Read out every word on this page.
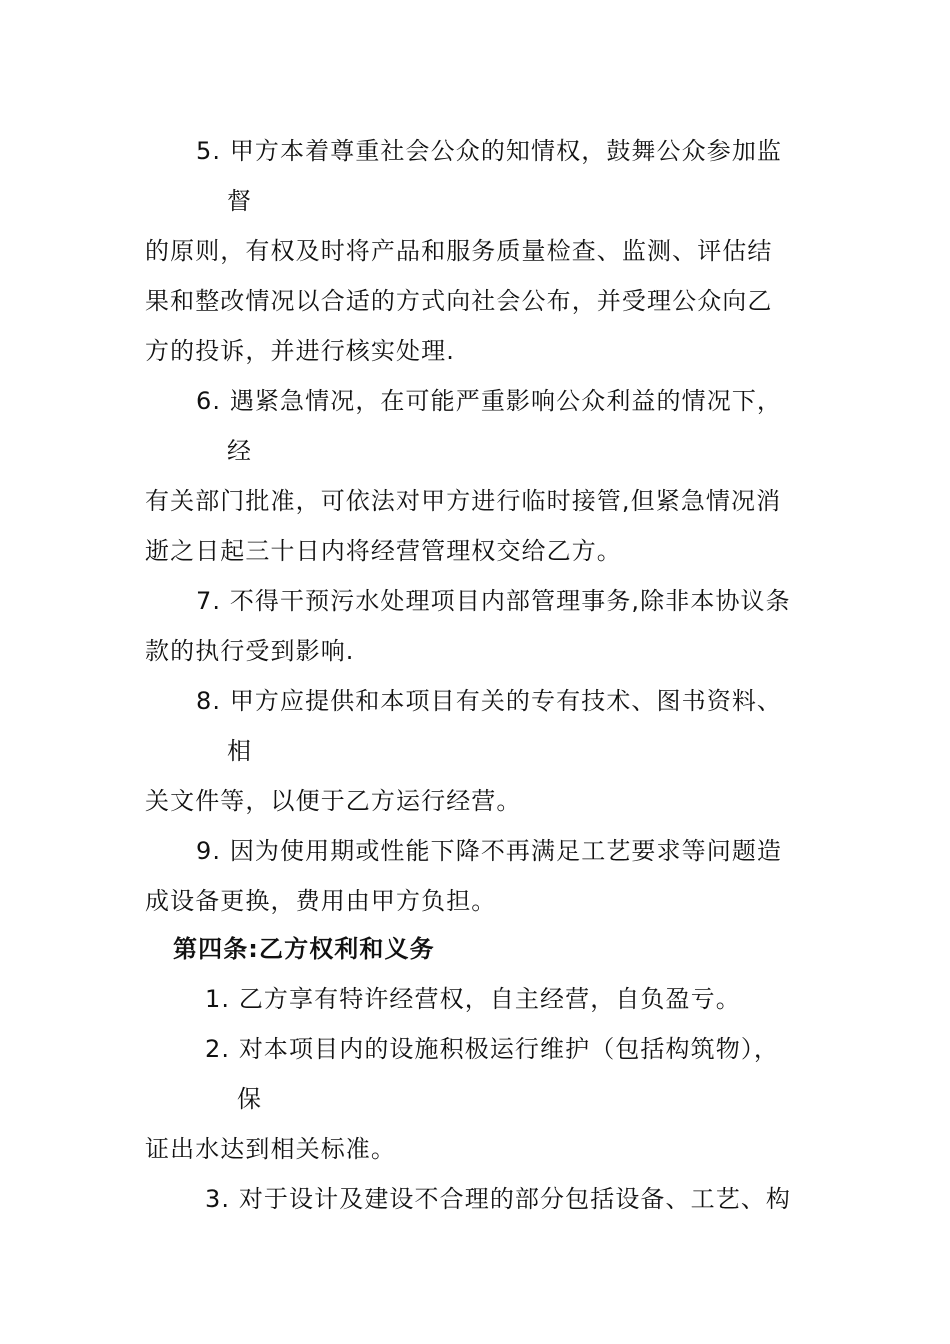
5. 甲方本着尊重社会公众的知情权，鼓舞公众参加监
督
的原则，有权及时将产品和服务质量检查、监测、评估结
果和整改情况以合适的方式向社会公布，并受理公众向乙
方的投诉，并进行核实处理.
6. 遇紧急情况，在可能严重影响公众利益的情况下，
经
有关部门批准，可依法对甲方进行临时接管,但紧急情况消
逝之日起三十日内将经营管理权交给乙方。
7. 不得干预污水处理项目内部管理事务,除非本协议条
款的执行受到影响.
8. 甲方应提供和本项目有关的专有技术、图书资料、
相
关文件等，以便于乙方运行经营。
9. 因为使用期或性能下降不再满足工艺要求等问题造
成设备更换，费用由甲方负担。
第四条:乙方权利和义务
1. 乙方享有特许经营权，自主经营，自负盈亏。
2. 对本项目内的设施积极运行维护（包括构筑物），
保
证出水达到相关标准。
3. 对于设计及建设不合理的部分包括设备、工艺、构
